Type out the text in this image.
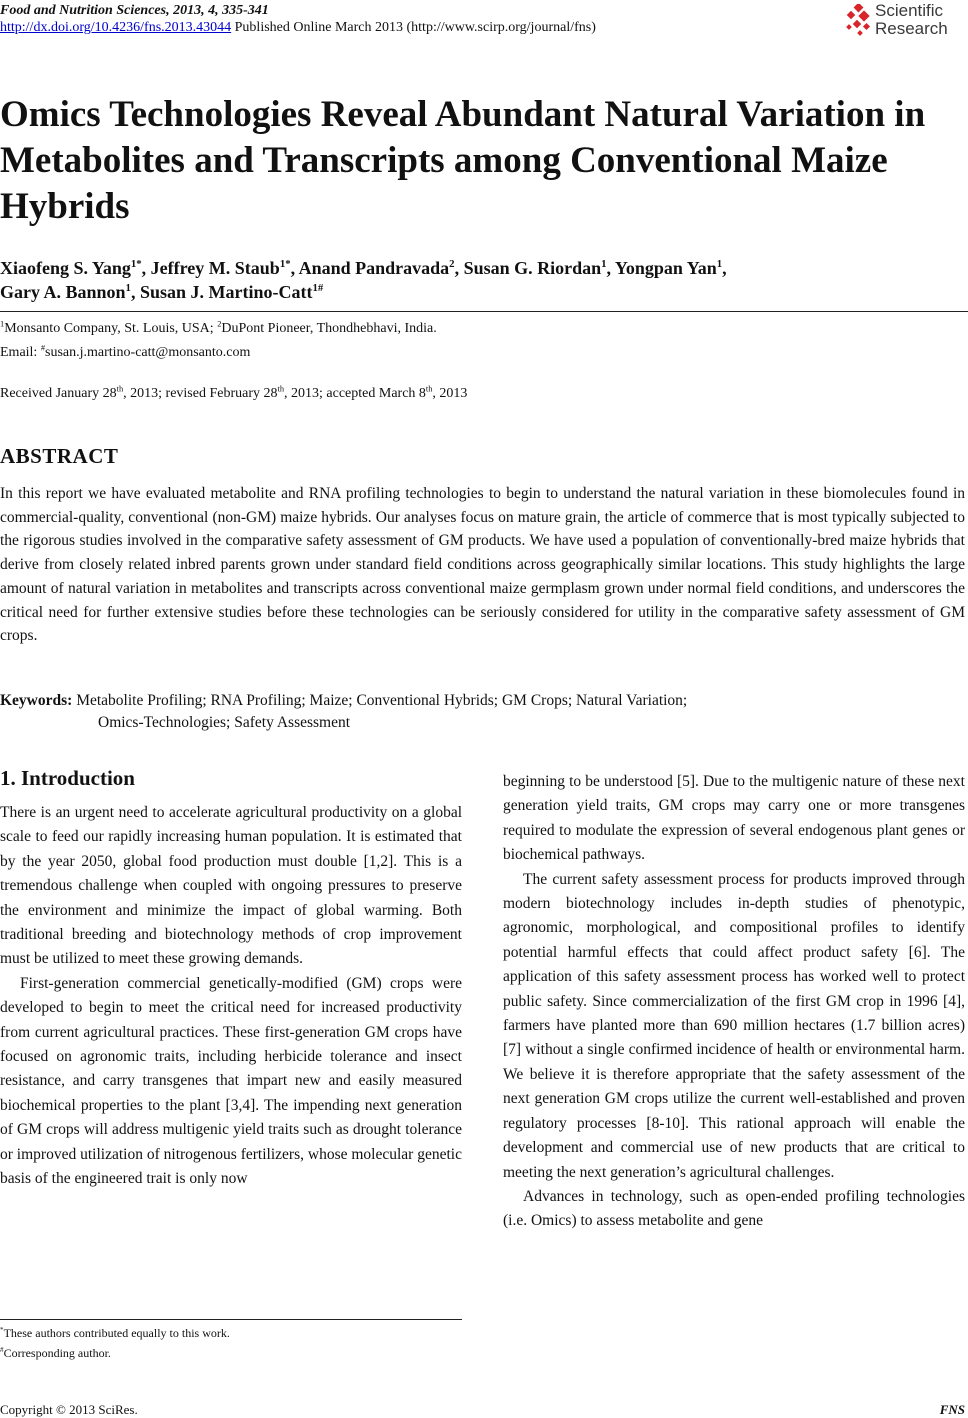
Food and Nutrition Sciences, 2013, 4, 335-341
http://dx.doi.org/10.4236/fns.2013.43044 Published Online March 2013 (http://www.scirp.org/journal/fns)
Scientific
Research
Omics Technologies Reveal Abundant Natural Variation in
Metabolites and Transcripts among Conventional Maize
Hybrids
Xiaofeng S. Yang$^{1*}$, Jeffrey M. Staub$^{1*}$, Anand Pandravada$^2$, Susan G. Riordan$^1$, Yongpan Yan$^1$,
Gary A. Bannon$^1$, Susan J. Martino-Catt$^{1\#}$
$^1$Monsanto Company, St. Louis, USA; $^2$DuPont Pioneer, Thondhebhavi, India.
Email: #susan.j.martino-catt@monsanto.com
Received January 28th, 2013; revised February 28th, 2013; accepted March 8th, 2013
ABSTRACT
In this report we have evaluated metabolite and RNA profiling technologies to begin to understand the natural variation in these biomolecules found in commercial-quality, conventional (non-GM) maize hybrids. Our analyses focus on mature grain, the article of commerce that is most typically subjected to the rigorous studies involved in the comparative safety assessment of GM products. We have used a population of conventionally-bred maize hybrids that derive from closely related inbred parents grown under standard field conditions across geographically similar locations. This study highlights the large amount of natural variation in metabolites and transcripts across conventional maize germplasm grown under normal field conditions, and underscores the critical need for further extensive studies before these technologies can be seriously considered for utility in the comparative safety assessment of GM crops.
Keywords: Metabolite Profiling; RNA Profiling; Maize; Conventional Hybrids; GM Crops; Natural Variation;
Omics-Technologies; Safety Assessment
1. Introduction

There is an urgent need to accelerate agricultural productivity on a global scale to feed our rapidly increasing human population. It is estimated that by the year 2050, global food production must double [1,2]. This is a tremendous challenge when coupled with ongoing pressures to preserve the environment and minimize the impact of global warming. Both traditional breeding and biotechnology methods of crop improvement must be utilized to meet these growing demands.

First-generation commercial genetically-modified (GM) crops were developed to begin to meet the critical need for increased productivity from current agricultural practices. These first-generation GM crops have focused on agronomic traits, including herbicide tolerance and insect resistance, and carry transgenes that impart new and easily measured biochemical properties to the plant [3,4]. The impending next generation of GM crops will address multigenic yield traits such as drought tolerance or improved utilization of nitrogenous fertilizers, whose molecular genetic basis of the engineered trait is only now

beginning to be understood [5]. Due to the multigenic nature of these next generation yield traits, GM crops may carry one or more transgenes required to modulate the expression of several endogenous plant genes or biochemical pathways.

The current safety assessment process for products improved through modern biotechnology includes in-depth studies of phenotypic, agronomic, morphological, and compositional profiles to identify potential harmful effects that could affect product safety [6]. The application of this safety assessment process has worked well to protect public safety. Since commercialization of the first GM crop in 1996 [4], farmers have planted more than 690 million hectares (1.7 billion acres) [7] without a single confirmed incidence of health or environmental harm. We believe it is therefore appropriate that the safety assessment of the next generation GM crops utilize the current well-established and proven regulatory processes [8-10]. This rational approach will enable the development and commercial use of new products that are critical to meeting the next generation’s agricultural challenges.

Advances in technology, such as open-ended profiling technologies (i.e. Omics) to assess metabolite and gene

*These authors contributed equally to this work.
#Corresponding author.
Copyright © 2013 SciRes.	FNS
